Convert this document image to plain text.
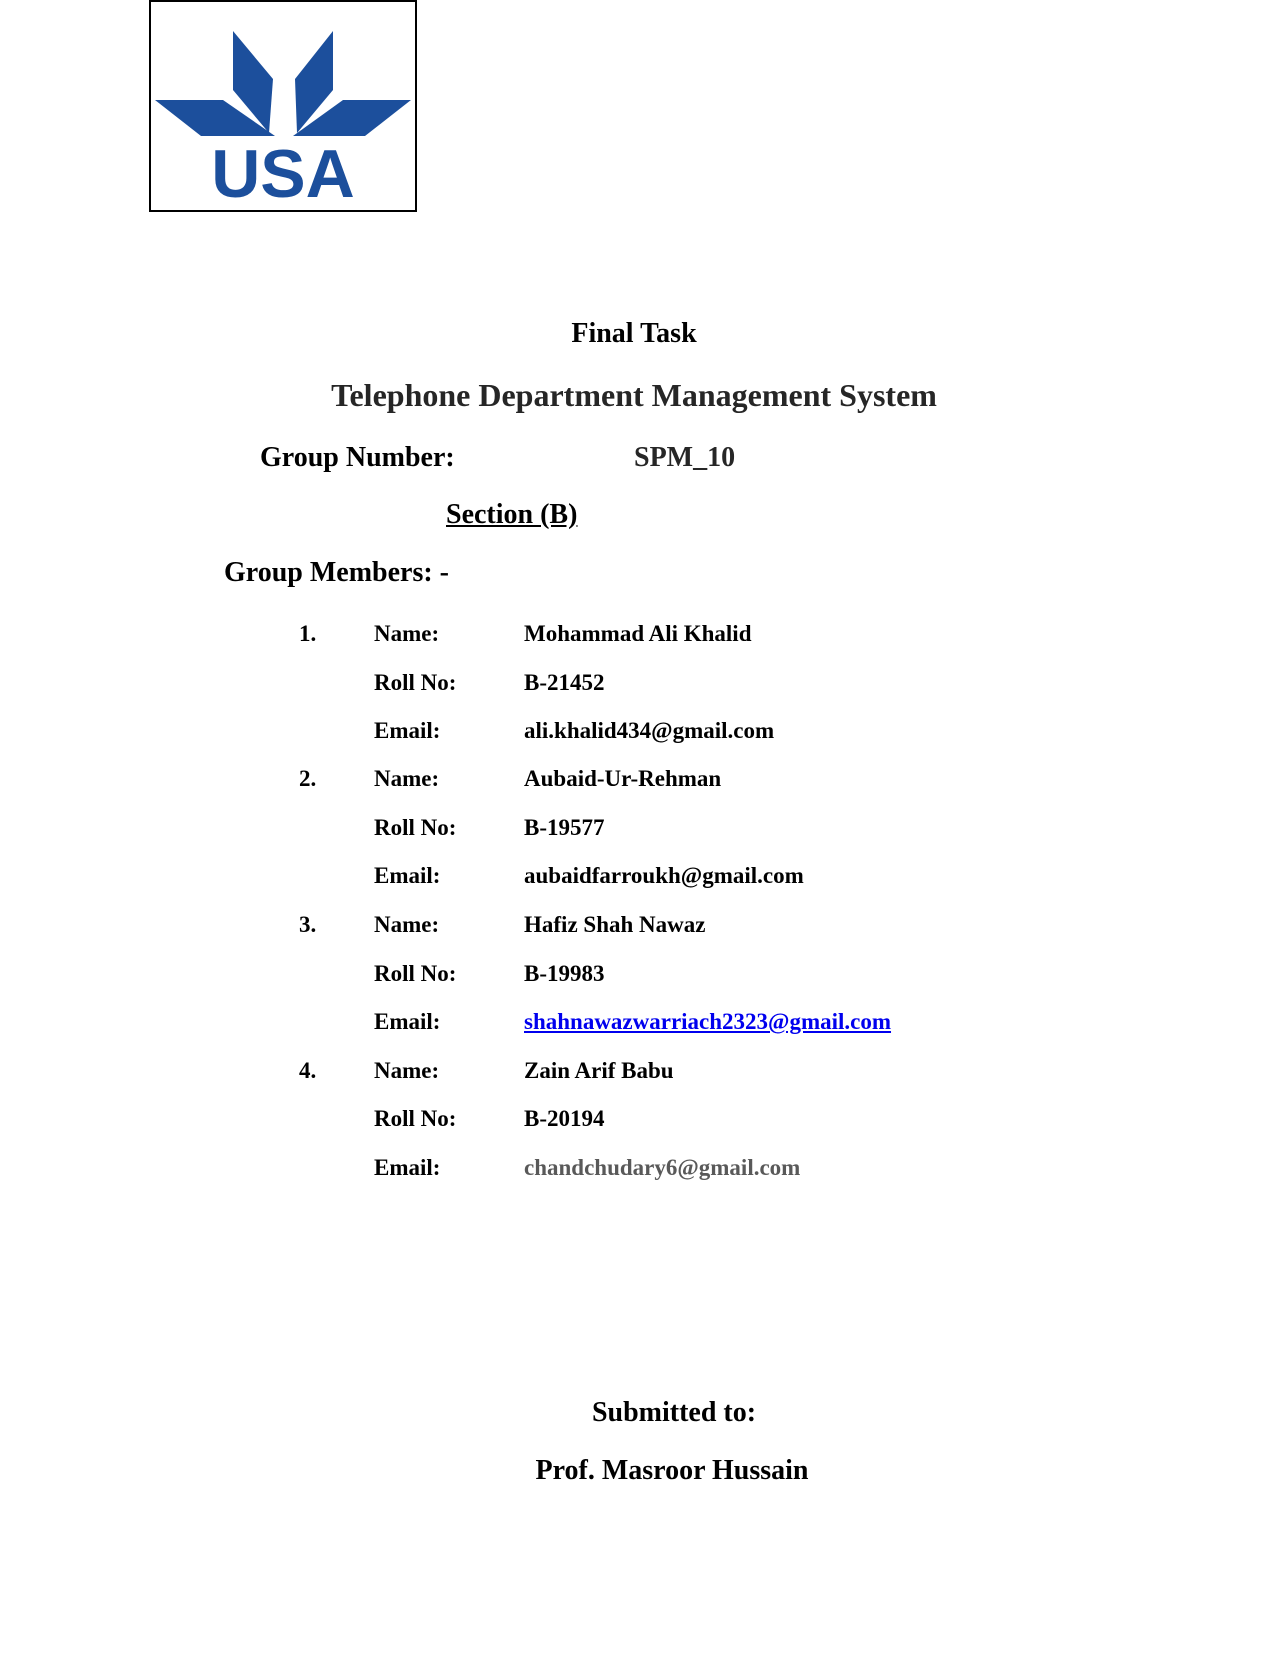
USA
Final Task
Telephone Department Management System
Group Number:	SPM_10
Section (B)
Group Members: -
1.	Name:	Mohammad Ali Khalid
Roll No:	B-21452
Email:	ali.khalid434@gmail.com
2.	Name:	Aubaid-Ur-Rehman
Roll No:	B-19577
Email:	aubaidfarroukh@gmail.com
3.	Name:	Hafiz Shah Nawaz
Roll No:	B-19983
Email:	shahnawazwarriach2323@gmail.com
4.	Name:	Zain Arif Babu
Roll No:	B-20194
Email:	chandchudary6@gmail.com
Submitted to:
Prof. Masroor Hussain
